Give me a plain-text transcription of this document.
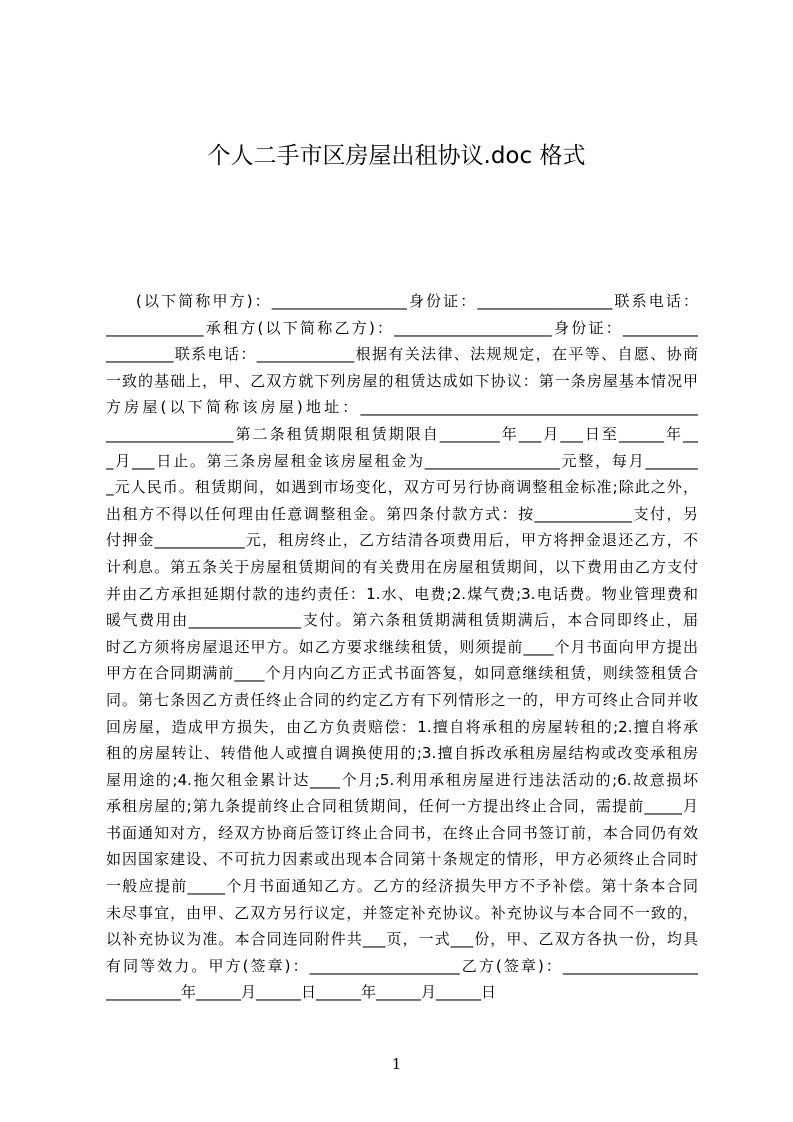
个人二手市区房屋出租协议.doc 格式

(以下简称甲方)：__________________身份证：__________________联系电话：

_____________承租方(以下简称乙方)：_____________________身份证：__________

_________联系电话：_____________根据有关法律、法规规定，在平等、自愿、协商

一致的基础上，甲、乙双方就下列房屋的租赁达成如下协议：第一条房屋基本情况甲

方房屋(以下简称该房屋)地址：_____________________________________________

_________________第二条租赁期限租赁期限自________年___月___日至______年__

_月___日止。第三条房屋租金该房屋租金为__________________元整，每月_______

_元人民币。租赁期间，如遇到市场变化，双方可另行协商调整租金标准;除此之外，

出租方不得以任何理由任意调整租金。第四条付款方式：按_____________支付，另

付押金____________元，租房终止，乙方结清各项费用后，甲方将押金退还乙方，不

计利息。第五条关于房屋租赁期间的有关费用在房屋租赁期间，以下费用由乙方支付

并由乙方承担延期付款的违约责任：1.水、电费;2.煤气费;3.电话费。物业管理费和

暖气费用由_______________支付。第六条租赁期满租赁期满后，本合同即终止，届

时乙方须将房屋退还甲方。如乙方要求继续租赁，则须提前____个月书面向甲方提出

甲方在合同期满前____个月内向乙方正式书面答复，如同意继续租赁，则续签租赁合

同。第七条因乙方责任终止合同的约定乙方有下列情形之一的，甲方可终止合同并收

回房屋，造成甲方损失，由乙方负责赔偿：1.擅自将承租的房屋转租的;2.擅自将承

租的房屋转让、转借他人或擅自调换使用的;3.擅自拆改承租房屋结构或改变承租房

屋用途的;4.拖欠租金累计达____个月;5.利用承租房屋进行违法活动的;6.故意损坏

承租房屋的;第九条提前终止合同租赁期间，任何一方提出终止合同，需提前_____月

书面通知对方，经双方协商后签订终止合同书，在终止合同书签订前，本合同仍有效

如因国家建设、不可抗力因素或出现本合同第十条规定的情形，甲方必须终止合同时

一般应提前_____个月书面通知乙方。乙方的经济损失甲方不予补偿。第十条本合同

未尽事宜，由甲、乙双方另行议定，并签定补充协议。补充协议与本合同不一致的，

以补充协议为准。本合同连同附件共___页，一式___份，甲、乙双方各执一份，均具

有同等效力。甲方(签章)：____________________乙方(签章)：__________________

__________年______月______日______年______月______日

1
